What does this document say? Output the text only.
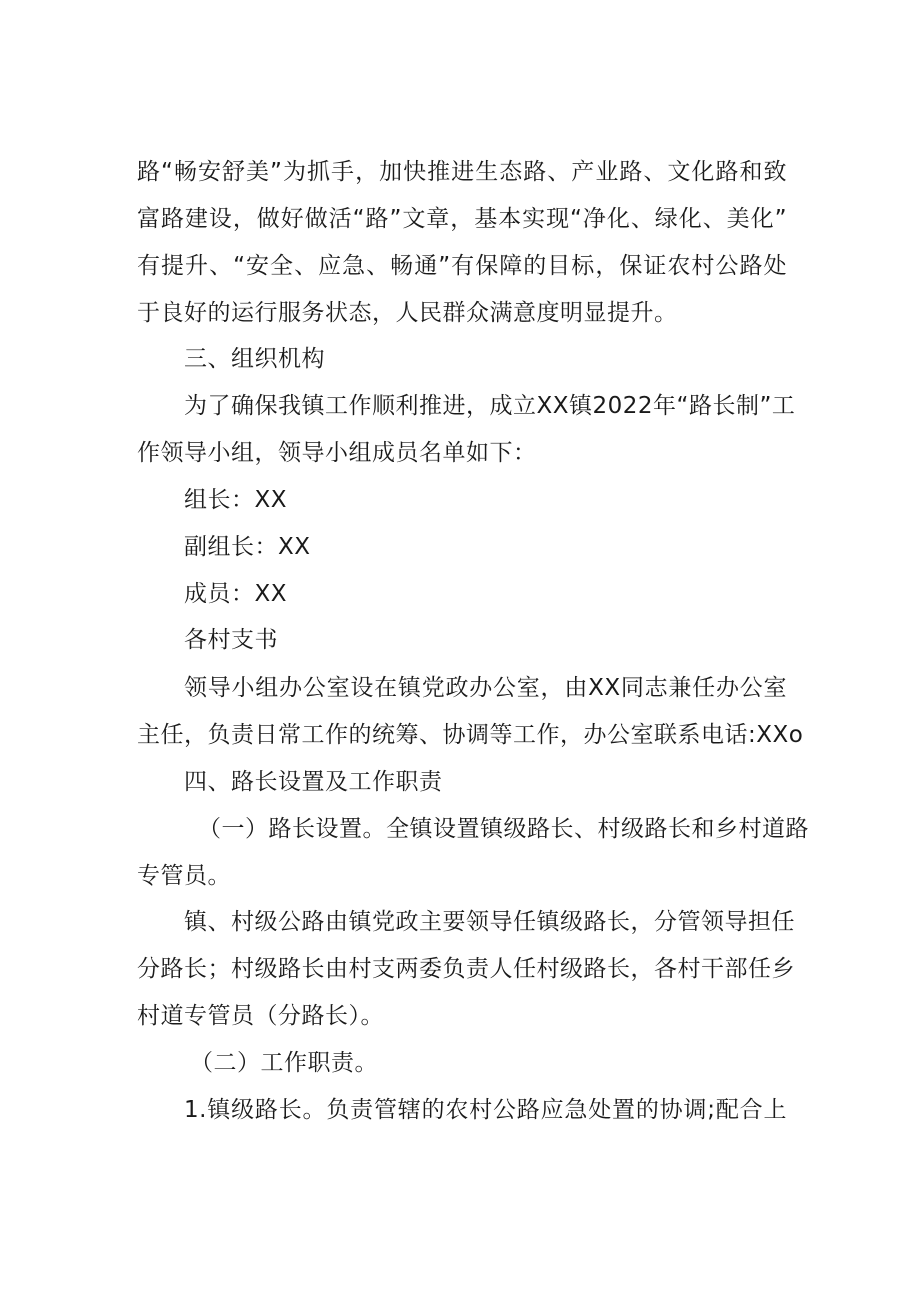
路“畅安舒美”为抓手，加快推进生态路、产业路、文化路和致
富路建设，做好做活“路”文章，基本实现“净化、绿化、美化”
有提升、“安全、应急、畅通”有保障的目标，保证农村公路处
于良好的运行服务状态，人民群众满意度明显提升。
三、组织机构
为了确保我镇工作顺利推进，成立XX镇2022年“路长制”工
作领导小组，领导小组成员名单如下：
组长：XX
副组长：XX
成员：XX
各村支书
领导小组办公室设在镇党政办公室，由XX同志兼任办公室
主任，负责日常工作的统筹、协调等工作，办公室联系电话:XXo
四、路长设置及工作职责
（一）路长设置。全镇设置镇级路长、村级路长和乡村道路
专管员。
镇、村级公路由镇党政主要领导任镇级路长，分管领导担任
分路长；村级路长由村支两委负责人任村级路长，各村干部任乡
村道专管员（分路长）。
（二）工作职责。
1.镇级路长。负责管辖的农村公路应急处置的协调;配合上
